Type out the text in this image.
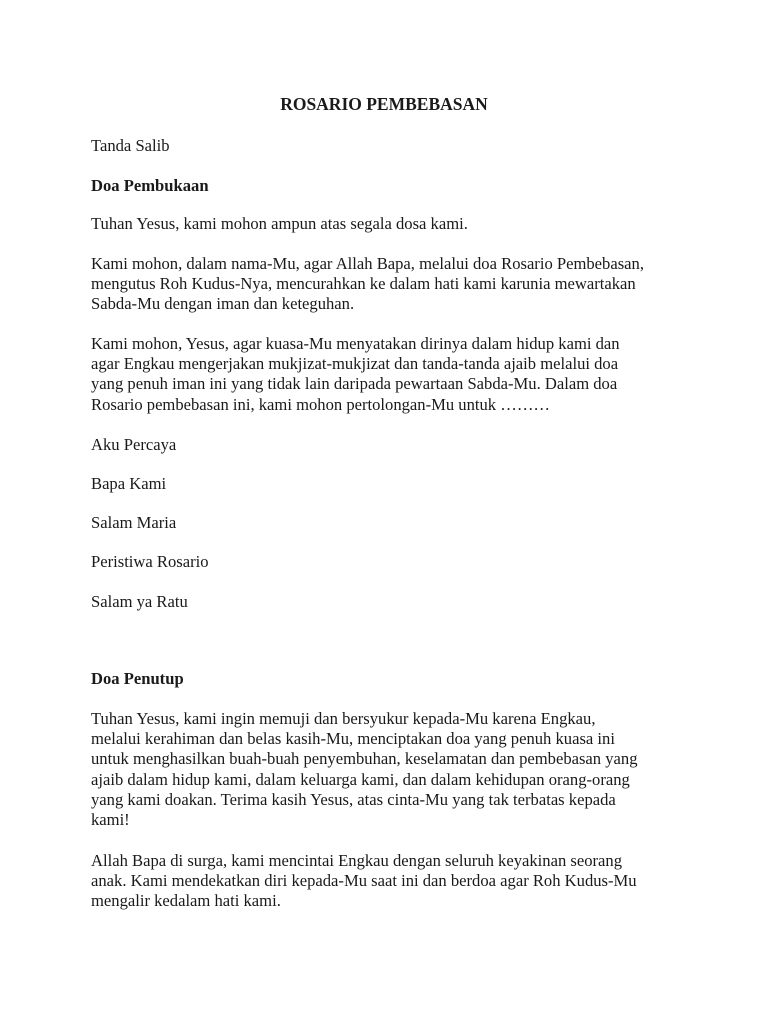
ROSARIO PEMBEBASAN

Tanda Salib

Doa Pembukaan

Tuhan Yesus, kami mohon ampun atas segala dosa kami.

Kami mohon, dalam nama-Mu, agar Allah Bapa, melalui doa Rosario Pembebasan,
mengutus Roh Kudus-Nya, mencurahkan ke dalam hati kami karunia mewartakan
Sabda-Mu dengan iman dan keteguhan.
Kami mohon, Yesus, agar kuasa-Mu menyatakan dirinya dalam hidup kami dan
agar Engkau mengerjakan mukjizat-mukjizat dan tanda-tanda ajaib melalui doa
yang penuh iman ini yang tidak lain daripada pewartaan Sabda-Mu. Dalam doa
Rosario pembebasan ini, kami mohon pertolongan-Mu untuk ………

Aku Percaya

Bapa Kami

Salam Maria

Peristiwa Rosario

Salam ya Ratu

Doa Penutup

Tuhan Yesus, kami ingin memuji dan bersyukur kepada-Mu karena Engkau,
melalui kerahiman dan belas kasih-Mu, menciptakan doa yang penuh kuasa ini
untuk menghasilkan buah-buah penyembuhan, keselamatan dan pembebasan yang
ajaib dalam hidup kami, dalam keluarga kami, dan dalam kehidupan orang-orang
yang kami doakan. Terima kasih Yesus, atas cinta-Mu yang tak terbatas kepada
kami!
Allah Bapa di surga, kami mencintai Engkau dengan seluruh keyakinan seorang
anak. Kami mendekatkan diri kepada-Mu saat ini dan berdoa agar Roh Kudus-Mu
mengalir kedalam hati kami.
